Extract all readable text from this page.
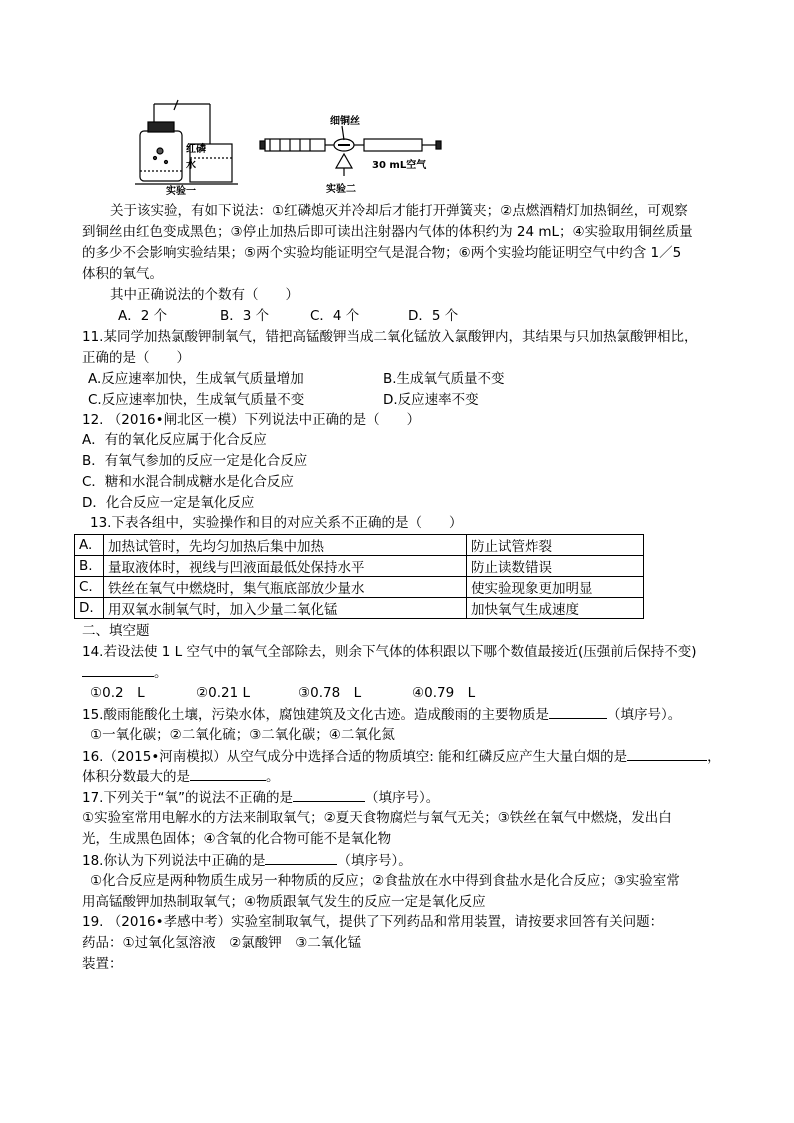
红磷
水
实验一
细铜丝
30 mL空气
实验二
关于该实验，有如下说法：①红磷熄灭并冷却后才能打开弹簧夹；②点燃酒精灯加热铜丝，可观察
到铜丝由红色变成黑色；③停止加热后即可读出注射器内气体的体积约为 24 mL；④实验取用铜丝质量
的多少不会影响实验结果；⑤两个实验均能证明空气是混合物；⑥两个实验均能证明空气中约含 1／5
体积的氧气。
其中正确说法的个数有（　　）
A．2 个	B．3 个	C．4 个	D．5 个
11.某同学加热氯酸钾制氧气，错把高锰酸钾当成二氧化锰放入氯酸钾内，其结果与只加热氯酸钾相比，
正确的是（　　）
A.反应速率加快，生成氧气质量增加	B.生成氧气质量不变
C.反应速率加快，生成氧气质量不变	D.反应速率不变
12. （2016•闸北区一模）下列说法中正确的是（　　）
A．有的氧化反应属于化合反应
B．有氧气参加的反应一定是化合反应
C．糖和水混合制成糖水是化合反应
D．化合反应一定是氧化反应
13.下表各组中，实验操作和目的对应关系不正确的是（　　）
A.	加热试管时，先均匀加热后集中加热	防止试管炸裂
B.	量取液体时，视线与凹液面最低处保持水平	防止读数错误
C.	铁丝在氧气中燃烧时，集气瓶底部放少量水	使实验现象更加明显
D.	用双氧水制氧气时，加入少量二氧化锰	加快氧气生成速度
二、填空题
14.若设法使 1 L 空气中的氧气全部除去，则余下气体的体积跟以下哪个数值最接近(压强前后保持不变)
。
①0.2　L	②0.21 L	③0.78　L	④0.79　L
15.酸雨能酸化土壤，污染水体，腐蚀建筑及文化古迹。造成酸雨的主要物质是	（填序号）。
①一氧化碳；②二氧化硫；③二氧化碳；④二氧化氮
16.（2015•河南模拟）从空气成分中选择合适的物质填空: 能和红磷反应产生大量白烟的是	，
体积分数最大的是	。
17.下列关于“氧”的说法不正确的是	（填序号）。
①实验室常用电解水的方法来制取氧气；②夏天食物腐烂与氧气无关；③铁丝在氧气中燃烧，发出白
光，生成黑色固体；④含氧的化合物可能不是氧化物
18.你认为下列说法中正确的是	（填序号）。
①化合反应是两种物质生成另一种物质的反应；②食盐放在水中得到食盐水是化合反应；③实验室常
用高锰酸钾加热制取氧气；④物质跟氧气发生的反应一定是氧化反应
19. （2016•孝感中考）实验室制取氧气，提供了下列药品和常用装置，请按要求回答有关问题：
药品：①过氧化氢溶液　②氯酸钾　③二氧化锰
装置：
